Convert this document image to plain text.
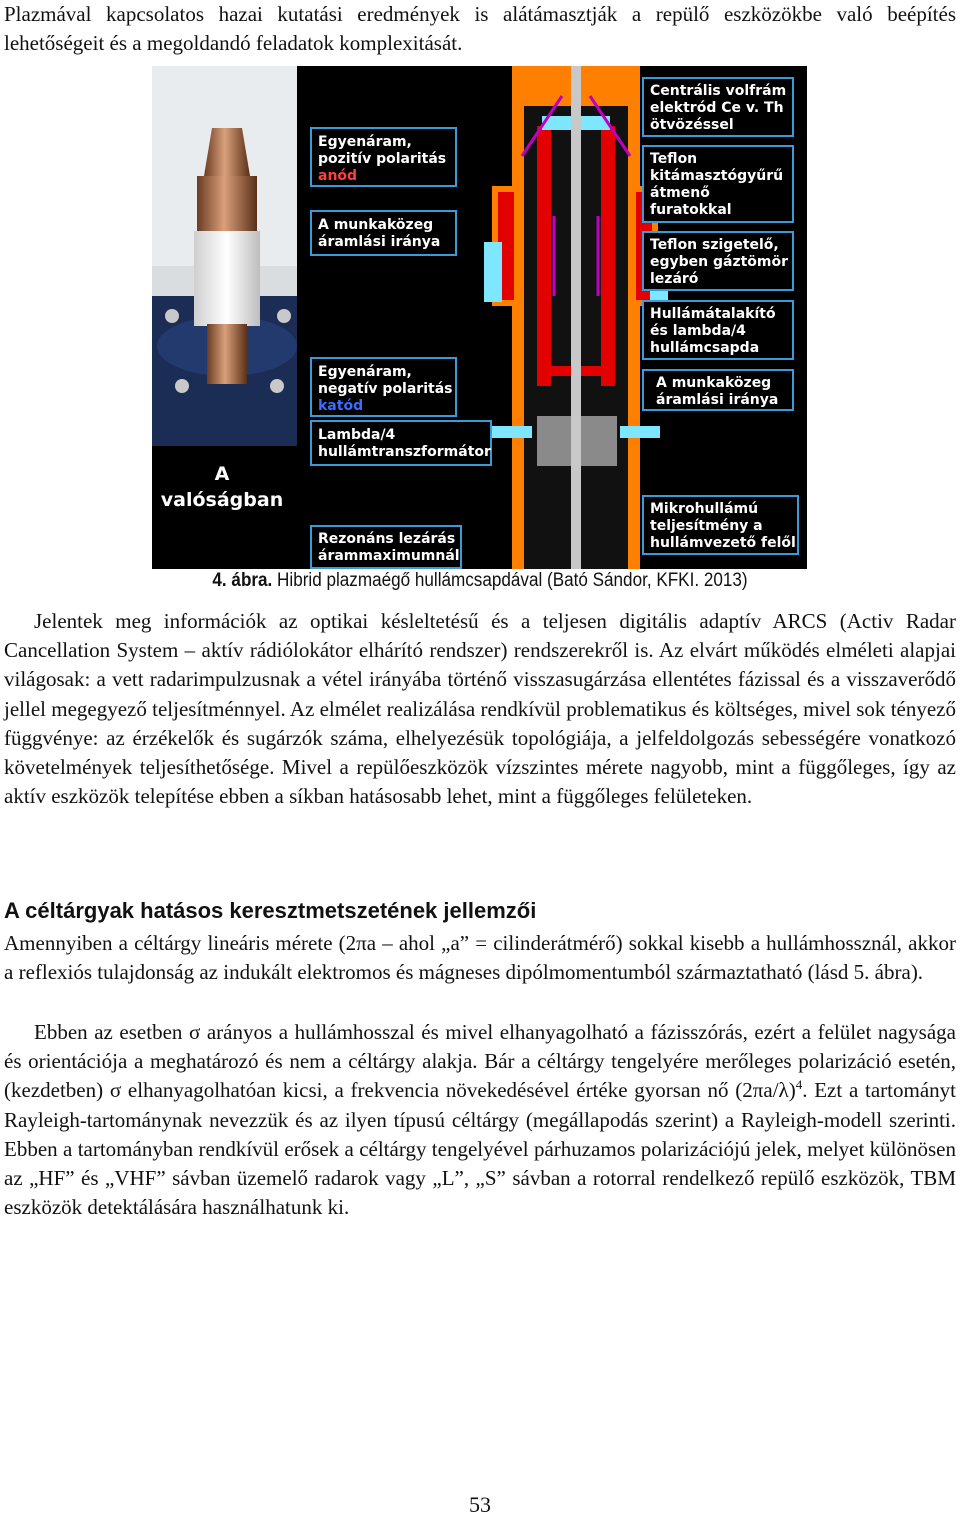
Plazmával kapcsolatos hazai kutatási eredmények is alátámasztják a repülő eszközökbe való beépítés lehetőségeit és a megoldandó feladatok komplexitását.

A
valóságban
Egyenáram,
pozitív polaritás
anód
A munkaközeg
áramlási iránya
Egyenáram,
negatív polaritás
katód
Lambda/4
hullámtranszformátor
Rezonáns lezárás
árammaximumnál
Centrális volfrám
elektród Ce v. Th
ötvözéssel
Teflon
kitámasztógyűrű
átmenő
furatokkal
Teflon szigetelő,
egyben gáztömör
lezáró
Hullámátalakító
és lambda/4
hullámcsapda
A munkaközeg
áramlási iránya
Mikrohullámú
teljesítmény a
hullámvezető felől
4. ábra. Hibrid plazmaégő hullámcsapdával (Bató Sándor, KFKI. 2013)

Jelentek meg információk az optikai késleltetésű és a teljesen digitális adaptív ARCS (Activ Radar Cancellation System – aktív rádiólokátor elhárító rendszer) rendszerekről is. Az elvárt működés elméleti alapjai világosak: a vett radarimpulzusnak a vétel irányába történő visszasugárzása ellentétes fázissal és a visszaverődő jellel megegyező teljesítménnyel. Az elmélet realizálása rendkívül problematikus és költséges, mivel sok tényező függvénye: az érzékelők és sugárzók száma, elhelyezésük topológiája, a jelfeldolgozás sebességére vonatkozó követelmények teljesíthetősége. Mivel a repülőeszközök vízszintes mérete nagyobb, mint a függőleges, így az aktív eszközök telepítése ebben a síkban hatásosabb lehet, mint a függőleges felületeken.

A céltárgyak hatásos keresztmetszetének jellemzői

Amennyiben a céltárgy lineáris mérete (2πa – ahol „a” = cilinderátmérő) sokkal kisebb a hullámhossznál, akkor a reflexiós tulajdonság az indukált elektromos és mágneses dipólmomentumból származtatható (lásd 5. ábra).

Ebben az esetben σ arányos a hullámhosszal és mivel elhanyagolható a fázisszórás, ezért a felület nagysága és orientációja a meghatározó és nem a céltárgy alakja. Bár a céltárgy tengelyére merőleges polarizáció esetén, (kezdetben) σ elhanyagolhatóan kicsi, a frekvencia növekedésével értéke gyorsan nő $(2\pi a/\lambda)^4$. Ezt a tartományt Rayleigh-tartománynak nevezzük és az ilyen típusú céltárgy (megállapodás szerint) a Rayleigh-modell szerinti. Ebben a tartományban rendkívül erősek a céltárgy tengelyével párhuzamos polarizációjú jelek, melyet különösen az „HF” és „VHF” sávban üzemelő radarok vagy „L”, „S” sávban a rotorral rendelkező repülő eszközök, TBM eszközök detektálására használhatunk ki.

53
